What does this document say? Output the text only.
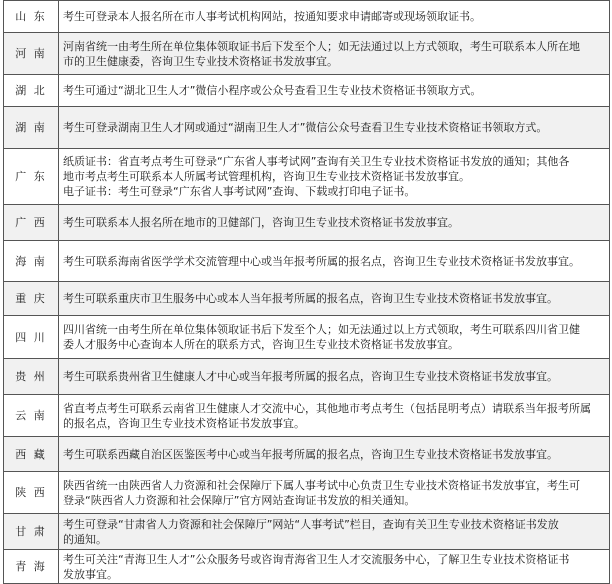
山 东	考生可登录本人报名所在市人事考试机构网站，按通知要求申请邮寄或现场领取证书。

河 南	河南省统一由考生所在单位集体领取证书后下发至个人；如无法通过以上方式领取，考生可联系本人所在地
市的卫生健康委，咨询卫生专业技术资格证书发放事宜。

湖 北	考生可通过“湖北卫生人才”微信小程序或公众号查看卫生专业技术资格证书领取方式。

湖 南	考生可登录湖南卫生人才网或通过“湖南卫生人才”微信公众号查看卫生专业技术资格证书领取方式。

广 东	纸质证书：省直考点考生可登录“广东省人事考试网”查询有关卫生专业技术资格证书发放的通知；其他各
地市考点考生可联系本人所属考试管理机构，咨询卫生专业技术资格证书发放事宜。
电子证书：考生可登录“广东省人事考试网”查询、下载或打印电子证书。

广 西	考生可联系本人报名所在地市的卫健部门，咨询卫生专业技术资格证书发放事宜。

海 南	考生可联系海南省医学学术交流管理中心或当年报考所属的报名点，咨询卫生专业技术资格证书发放事宜。

重 庆	考生可联系重庆市卫生服务中心或本人当年报考所属的报名点，咨询卫生专业技术资格证书发放事宜。

四 川	四川省统一由考生所在单位集体领取证书后下发至个人；如无法通过以上方式领取，考生可联系四川省卫健
委人才服务中心查询本人所在的联系方式，咨询卫生专业技术资格证书发放事宜。

贵 州	考生可联系贵州省卫生健康人才中心或当年报考所属的报名点，咨询卫生专业技术资格证书发放事宜。

云 南	省直考点考生可联系云南省卫生健康人才交流中心，其他地市考点考生（包括昆明考点）请联系当年报考所属
的报名点，咨询卫生专业技术资格证书发放事宜。

西 藏	考生可联系西藏自治区医鉴医考中心或当年报考所属的报名点，咨询卫生专业技术资格证书发放事宜。

陕 西	陕西省统一由陕西省人力资源和社会保障厅下属人事考试中心负责卫生专业技术资格证书发放事宜，考生可
登录“陕西省人力资源和社会保障厅”官方网站查询证书发放的相关通知。

甘 肃	考生可登录“甘肃省人力资源和社会保障厅”网站“人事考试”栏目，查询有关卫生专业技术资格证书发放
的通知。

青 海	考生可关注“青海卫生人才”公众服务号或咨询青海省卫生人才交流服务中心，了解卫生专业技术资格证书
发放事宜。
